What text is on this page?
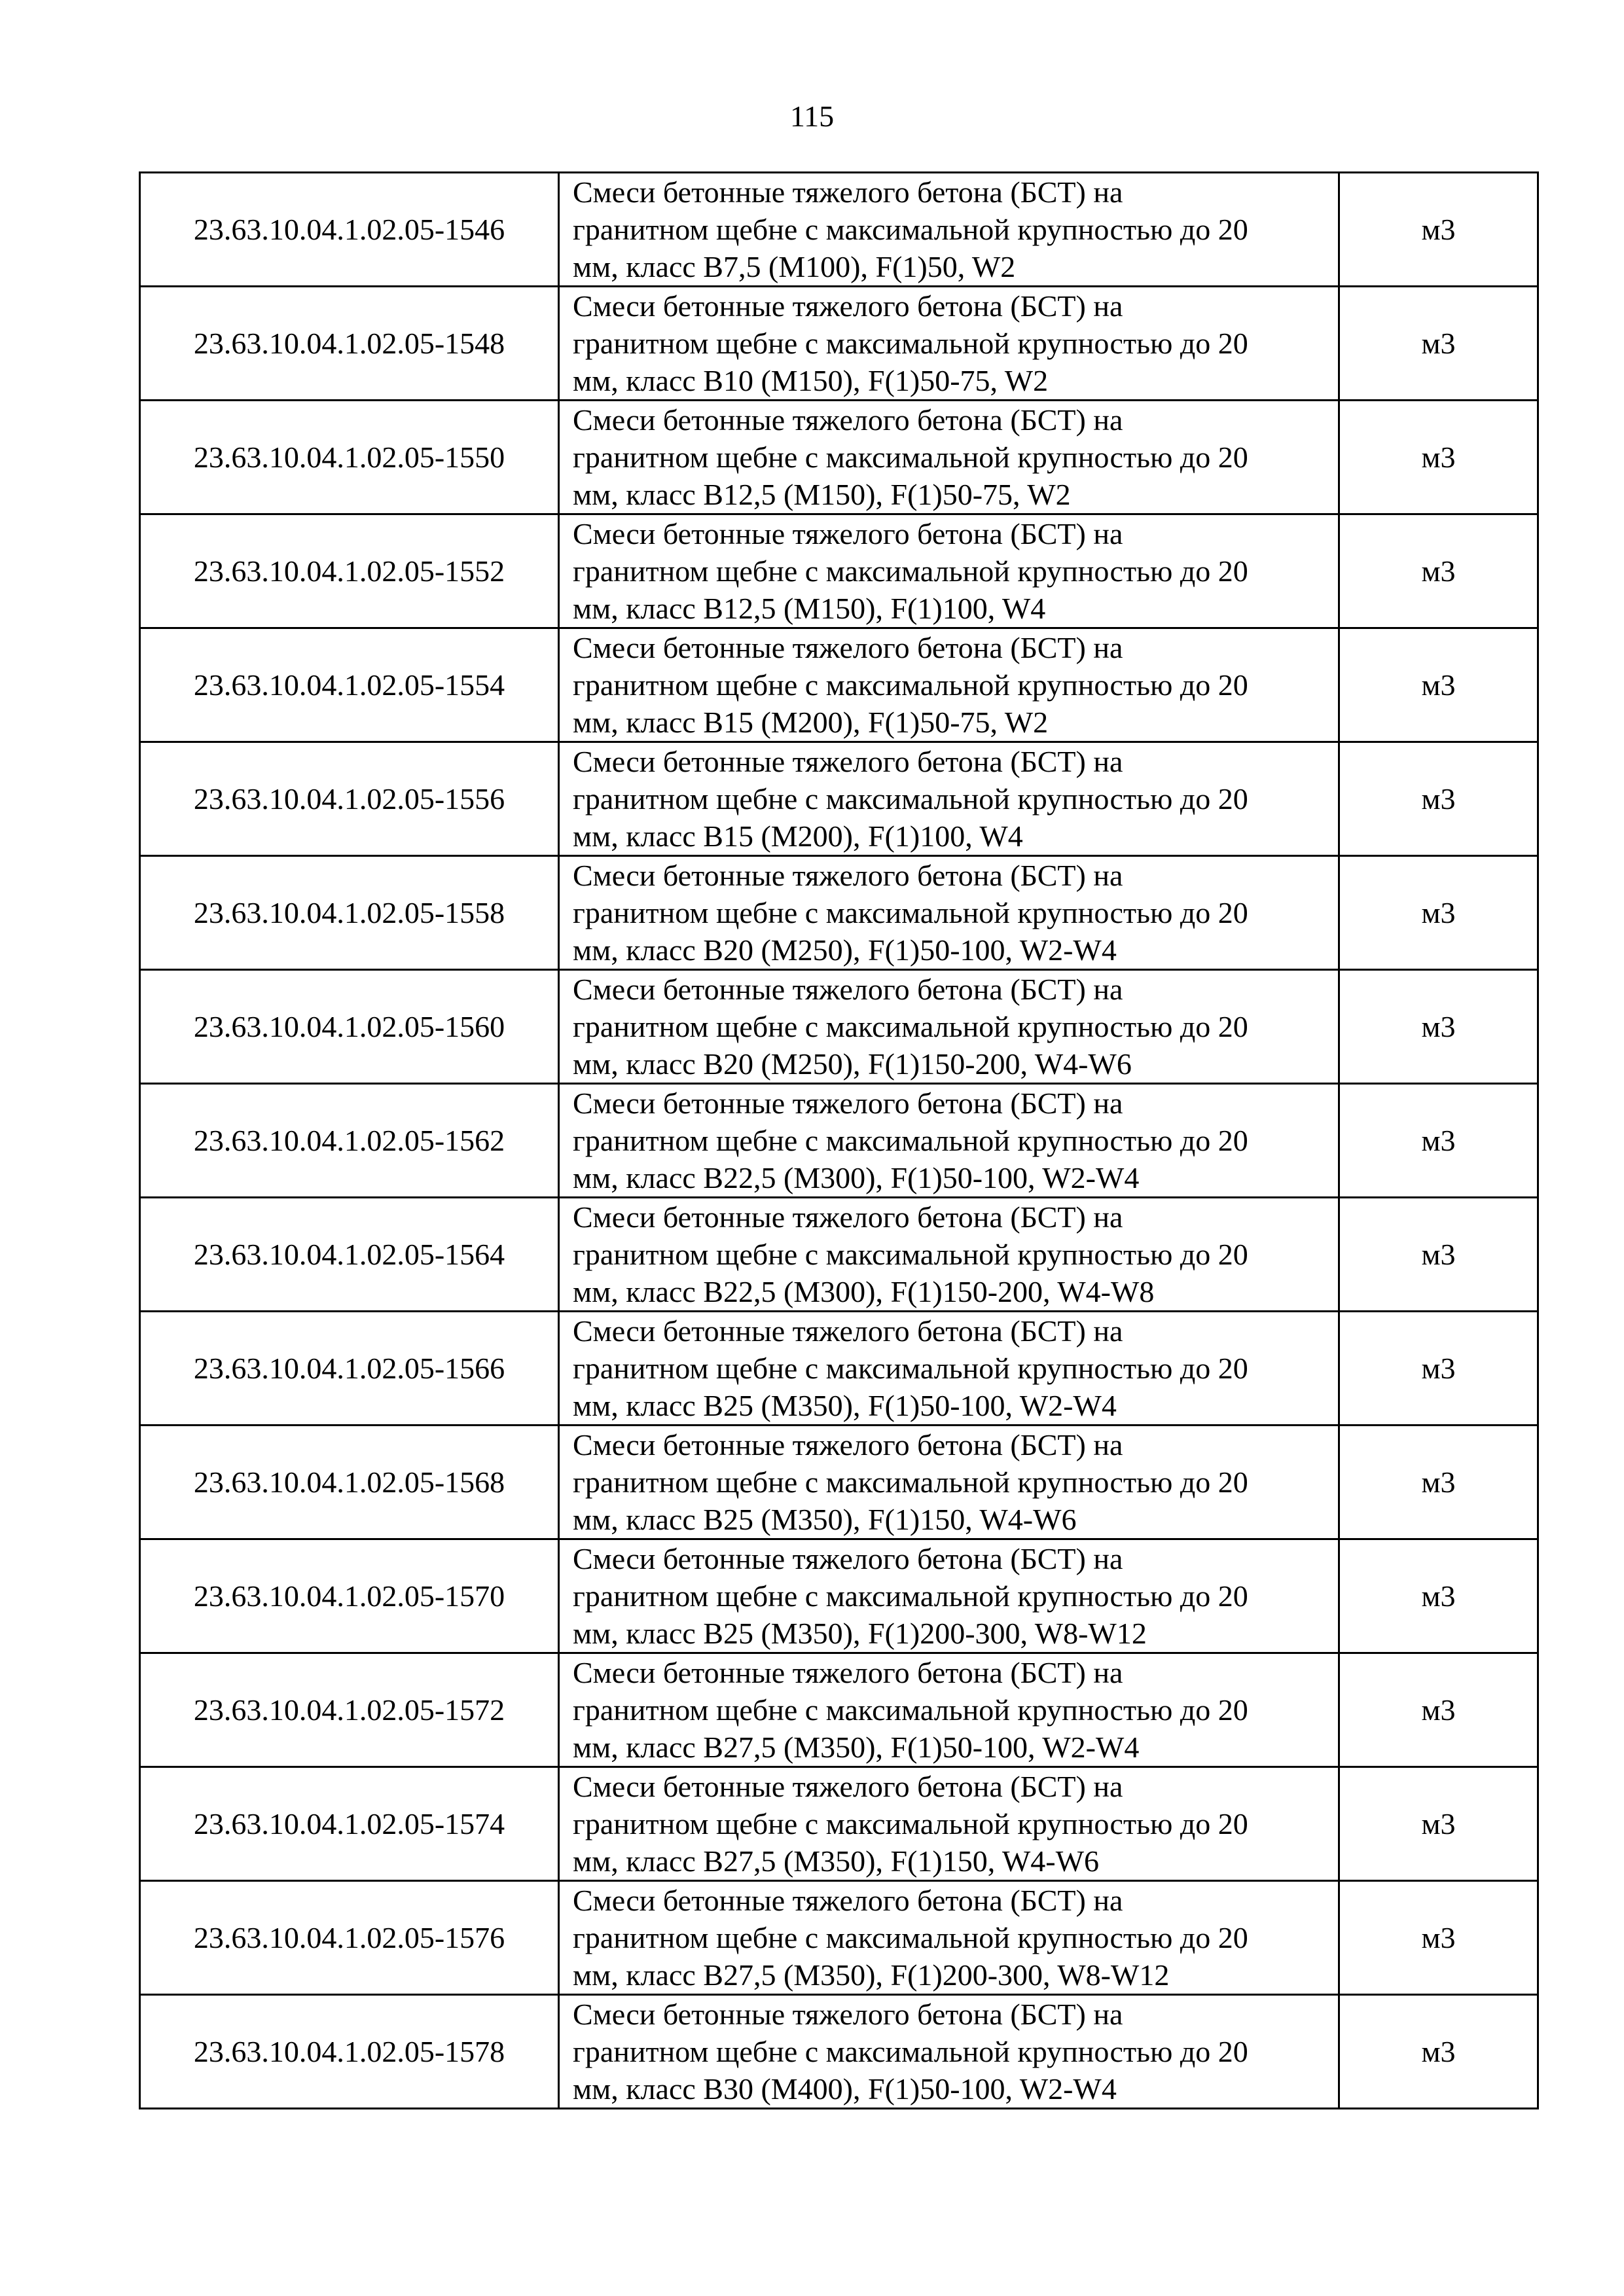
115
23.63.10.04.1.02.05-1546	Смеси бетонные тяжелого бетона (БСТ) на
гранитном щебне с максимальной крупностью до 20
мм, класс В7,5 (М100), F(1)50, W2	м3
23.63.10.04.1.02.05-1548	Смеси бетонные тяжелого бетона (БСТ) на
гранитном щебне с максимальной крупностью до 20
мм, класс В10 (М150), F(1)50-75, W2	м3
23.63.10.04.1.02.05-1550	Смеси бетонные тяжелого бетона (БСТ) на
гранитном щебне с максимальной крупностью до 20
мм, класс В12,5 (М150), F(1)50-75, W2	м3
23.63.10.04.1.02.05-1552	Смеси бетонные тяжелого бетона (БСТ) на
гранитном щебне с максимальной крупностью до 20
мм, класс В12,5 (М150), F(1)100, W4	м3
23.63.10.04.1.02.05-1554	Смеси бетонные тяжелого бетона (БСТ) на
гранитном щебне с максимальной крупностью до 20
мм, класс В15 (М200), F(1)50-75, W2	м3
23.63.10.04.1.02.05-1556	Смеси бетонные тяжелого бетона (БСТ) на
гранитном щебне с максимальной крупностью до 20
мм, класс В15 (М200), F(1)100, W4	м3
23.63.10.04.1.02.05-1558	Смеси бетонные тяжелого бетона (БСТ) на
гранитном щебне с максимальной крупностью до 20
мм, класс В20 (М250), F(1)50-100, W2-W4	м3
23.63.10.04.1.02.05-1560	Смеси бетонные тяжелого бетона (БСТ) на
гранитном щебне с максимальной крупностью до 20
мм, класс В20 (М250), F(1)150-200, W4-W6	м3
23.63.10.04.1.02.05-1562	Смеси бетонные тяжелого бетона (БСТ) на
гранитном щебне с максимальной крупностью до 20
мм, класс В22,5 (М300), F(1)50-100, W2-W4	м3
23.63.10.04.1.02.05-1564	Смеси бетонные тяжелого бетона (БСТ) на
гранитном щебне с максимальной крупностью до 20
мм, класс В22,5 (М300), F(1)150-200, W4-W8	м3
23.63.10.04.1.02.05-1566	Смеси бетонные тяжелого бетона (БСТ) на
гранитном щебне с максимальной крупностью до 20
мм, класс В25 (М350), F(1)50-100, W2-W4	м3
23.63.10.04.1.02.05-1568	Смеси бетонные тяжелого бетона (БСТ) на
гранитном щебне с максимальной крупностью до 20
мм, класс В25 (М350), F(1)150, W4-W6	м3
23.63.10.04.1.02.05-1570	Смеси бетонные тяжелого бетона (БСТ) на
гранитном щебне с максимальной крупностью до 20
мм, класс В25 (М350), F(1)200-300, W8-W12	м3
23.63.10.04.1.02.05-1572	Смеси бетонные тяжелого бетона (БСТ) на
гранитном щебне с максимальной крупностью до 20
мм, класс В27,5 (М350), F(1)50-100, W2-W4	м3
23.63.10.04.1.02.05-1574	Смеси бетонные тяжелого бетона (БСТ) на
гранитном щебне с максимальной крупностью до 20
мм, класс В27,5 (М350), F(1)150, W4-W6	м3
23.63.10.04.1.02.05-1576	Смеси бетонные тяжелого бетона (БСТ) на
гранитном щебне с максимальной крупностью до 20
мм, класс В27,5 (М350), F(1)200-300, W8-W12	м3
23.63.10.04.1.02.05-1578	Смеси бетонные тяжелого бетона (БСТ) на
гранитном щебне с максимальной крупностью до 20
мм, класс В30 (М400), F(1)50-100, W2-W4	м3
